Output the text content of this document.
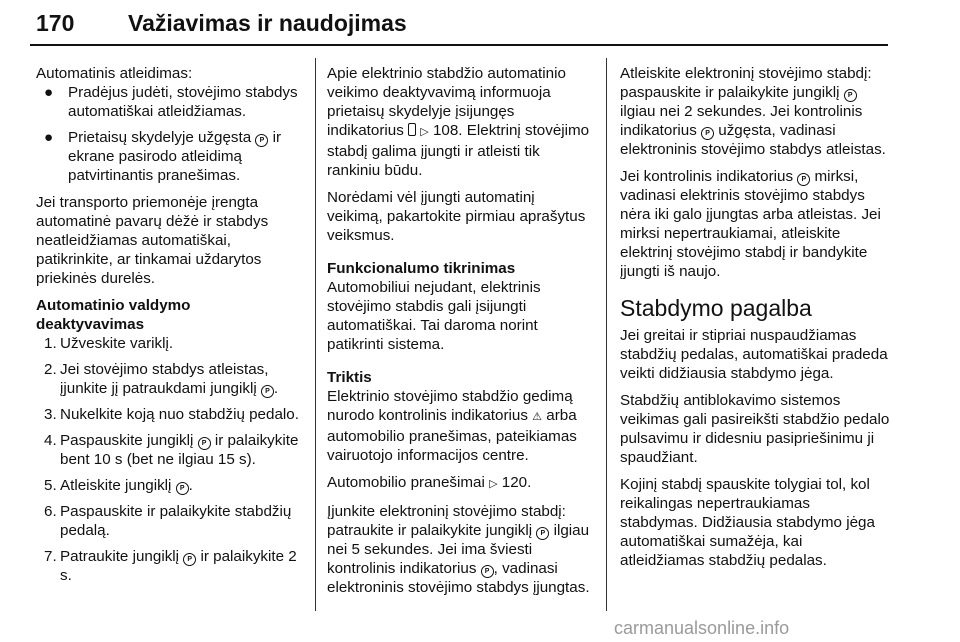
170 Važiavimas ir naudojimas

Automatinis atleidimas:

● Pradėjus judėti, stovėjimo stabdys automatiškai atleidžiamas.
● Prietaisų skydelyje užgęsta P ir ekrane pasirodo atleidimą patvirtinantis pranešimas.

Jei transporto priemonėje įrengta automatinė pavarų dėžė ir stabdys neatleidžiamas automatiškai, patikrinkite, ar tinkamai uždarytos priekinės durelės.

Automatinio valdymo deaktyvavimas

1. Užveskite variklį.
2. Jei stovėjimo stabdys atleistas, įjunkite jį patraukdami jungiklį P .
3. Nukelkite koją nuo stabdžių pedalo.
4. Paspauskite jungiklį P ir palaikykite bent 10 s (bet ne ilgiau 15 s).
5. Atleiskite jungiklį P .
6. Paspauskite ir palaikykite stabdžių pedalą.
7. Patraukite jungiklį P ir palaikykite 2 s.

Apie elektrinio stabdžio automatinio veikimo deaktyvavimą informuoja prietaisų skydelyje įsijungęs indikatorius  ▷ 108. Elektrinį stovėjimo stabdį galima įjungti ir atleisti tik rankiniu būdu.

Norėdami vėl įjungti automatinį veikimą, pakartokite pirmiau aprašytus veiksmus.

Funkcionalumo tikrinimas

Automobiliui nejudant, elektrinis stovėjimo stabdis gali įsijungti automatiškai. Tai daroma norint patikrinti sistema.

Triktis

Elektrinio stovėjimo stabdžio gedimą nurodo kontrolinis indikatorius ⚠ arba automobilio pranešimas, pateikiamas vairuotojo informacijos centre.

Automobilio pranešimai ▷ 120.

Įjunkite elektroninį stovėjimo stabdį: patraukite ir palaikykite jungiklį P ilgiau nei 5 sekundes. Jei ima šviesti kontrolinis indikatorius P , vadinasi elektroninis stovėjimo stabdys įjungtas.

Atleiskite elektroninį stovėjimo stabdį: paspauskite ir palaikykite jungiklį P ilgiau nei 2 sekundes. Jei kontrolinis indikatorius P užgęsta, vadinasi elektroninis stovėjimo stabdys atleistas.

Jei kontrolinis indikatorius P mirksi, vadinasi elektrinis stovėjimo stabdys nėra iki galo įjungtas arba atleistas. Jei mirksi nepertraukiamai, atleiskite elektrinį stovėjimo stabdį ir bandykite įjungti iš naujo.

Stabdymo pagalba

Jei greitai ir stipriai nuspaudžiamas stabdžių pedalas, automatiškai pradeda veikti didžiausia stabdymo jėga.

Stabdžių antiblokavimo sistemos veikimas gali pasireikšti stabdžio pedalo pulsavimu ir didesniu pasipriešinimu ji spaudžiant.

Kojinį stabdį spauskite tolygiai tol, kol reikalingas nepertraukiamas stabdymas. Didžiausia stabdymo jėga automatiškai sumažėja, kai atleidžiamas stabdžių pedalas.

carmanualsonline.info
